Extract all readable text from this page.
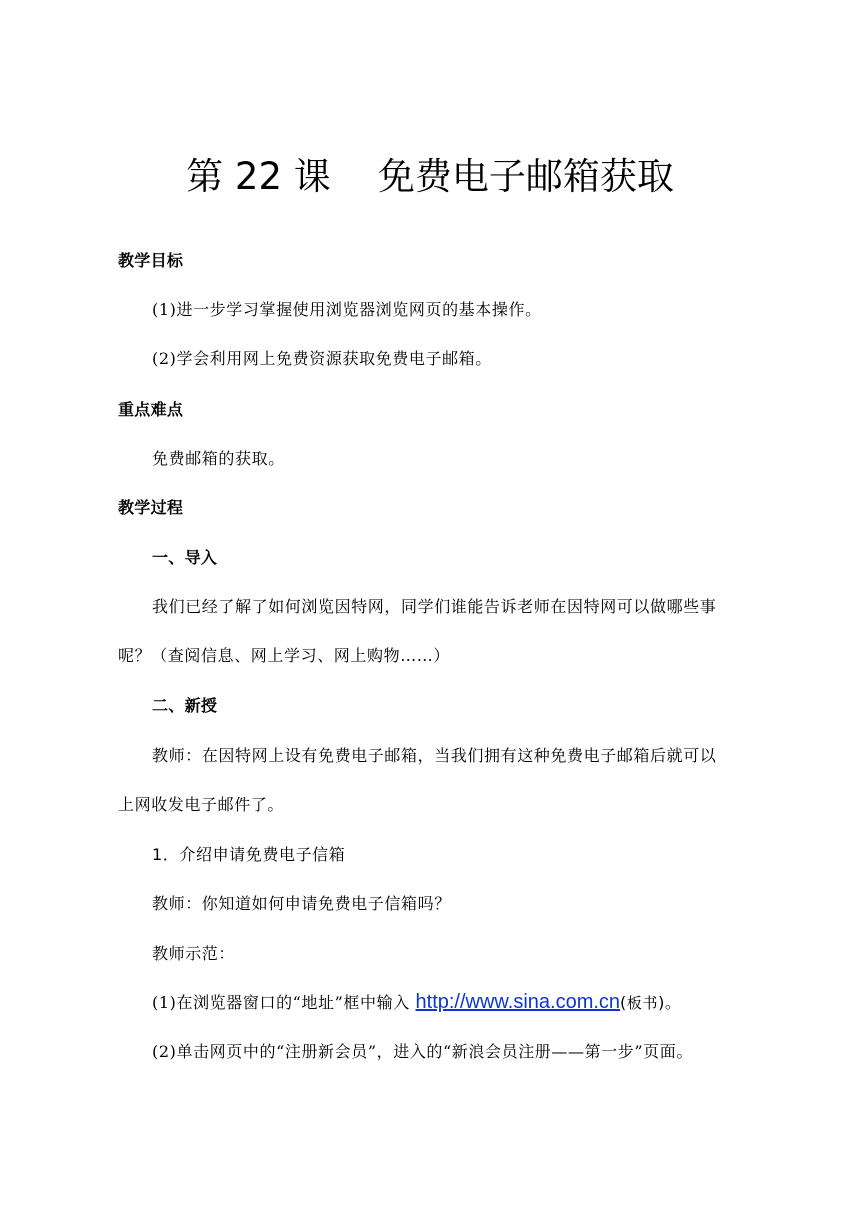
第 22 课    免费电子邮箱获取
教学目标
(1)进一步学习掌握使用浏览器浏览网页的基本操作。
(2)学会利用网上免费资源获取免费电子邮箱。
重点难点
免费邮箱的获取。
教学过程
一、导入
我们已经了解了如何浏览因特网，同学们谁能告诉老师在因特网可以做哪些事
呢？（查阅信息、网上学习、网上购物……）
二、新授
教师：在因特网上设有免费电子邮箱，当我们拥有这种免费电子邮箱后就可以
上网收发电子邮件了。
1．介绍申请免费电子信箱
教师：你知道如何申请免费电子信箱吗？
教师示范：
(1)在浏览器窗口的“地址”框中输入 http://www.sina.com.cn(板书)。
(2)单击网页中的“注册新会员”，进入的“新浪会员注册——第一步”页面。
